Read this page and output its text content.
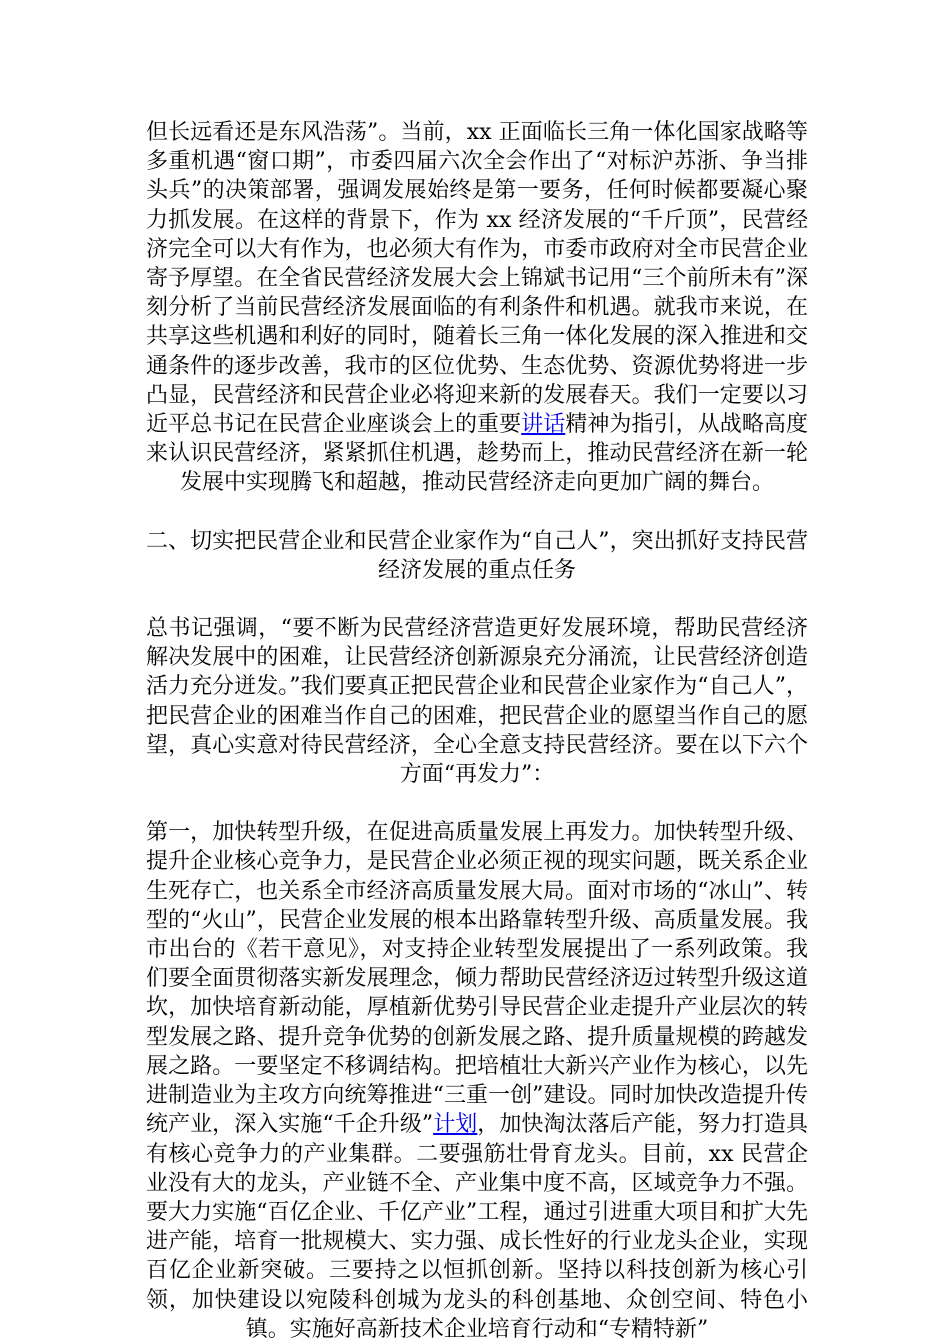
但长远看还是东风浩荡”。当前，xx 正面临长三角一体化国家战略等多重机遇“窗口期”，市委四届六次全会作出了“对标沪苏浙、争当排头兵”的决策部署，强调发展始终是第一要务，任何时候都要凝心聚力抓发展。在这样的背景下，作为 xx 经济发展的“千斤顶”，民营经济完全可以大有作为，也必须大有作为，市委市政府对全市民营企业寄予厚望。在全省民营经济发展大会上锦斌书记用“三个前所未有”深刻分析了当前民营经济发展面临的有利条件和机遇。就我市来说，在共享这些机遇和利好的同时，随着长三角一体化发展的深入推进和交通条件的逐步改善，我市的区位优势、生态优势、资源优势将进一步凸显，民营经济和民营企业必将迎来新的发展春天。我们一定要以习近平总书记在民营企业座谈会上的重要讲话精神为指引，从战略高度来认识民营经济，紧紧抓住机遇，趁势而上，推动民营经济在新一轮发展中实现腾飞和超越，推动民营经济走向更加广阔的舞台。

二、切实把民营企业和民营企业家作为“自己人”，突出抓好支持民营经济发展的重点任务

总书记强调，“要不断为民营经济营造更好发展环境，帮助民营经济解决发展中的困难，让民营经济创新源泉充分涌流，让民营经济创造活力充分迸发。”我们要真正把民营企业和民营企业家作为“自己人”，把民营企业的困难当作自己的困难，把民营企业的愿望当作自己的愿望，真心实意对待民营经济，全心全意支持民营经济。要在以下六个方面“再发力”：

第一，加快转型升级，在促进高质量发展上再发力。加快转型升级、提升企业核心竞争力，是民营企业必须正视的现实问题，既关系企业生死存亡，也关系全市经济高质量发展大局。面对市场的“冰山”、转型的“火山”，民营企业发展的根本出路靠转型升级、高质量发展。我市出台的《若干意见》，对支持企业转型发展提出了一系列政策。我们要全面贯彻落实新发展理念，倾力帮助民营经济迈过转型升级这道坎，加快培育新动能，厚植新优势引导民营企业走提升产业层次的转型发展之路、提升竞争优势的创新发展之路、提升质量规模的跨越发展之路。一要坚定不移调结构。把培植壮大新兴产业作为核心，以先进制造业为主攻方向统筹推进“三重一创”建设。同时加快改造提升传统产业，深入实施“千企升级”计划，加快淘汰落后产能，努力打造具有核心竞争力的产业集群。二要强筋壮骨育龙头。目前，xx 民营企业没有大的龙头，产业链不全、产业集中度不高，区域竞争力不强。要大力实施“百亿企业、千亿产业”工程，通过引进重大项目和扩大先进产能，培育一批规模大、实力强、成长性好的行业龙头企业，实现百亿企业新突破。三要持之以恒抓创新。坚持以科技创新为核心引领，加快建设以宛陵科创城为龙头的科创基地、众创空间、特色小镇。实施好高新技术企业培育行动和“专精特新”
